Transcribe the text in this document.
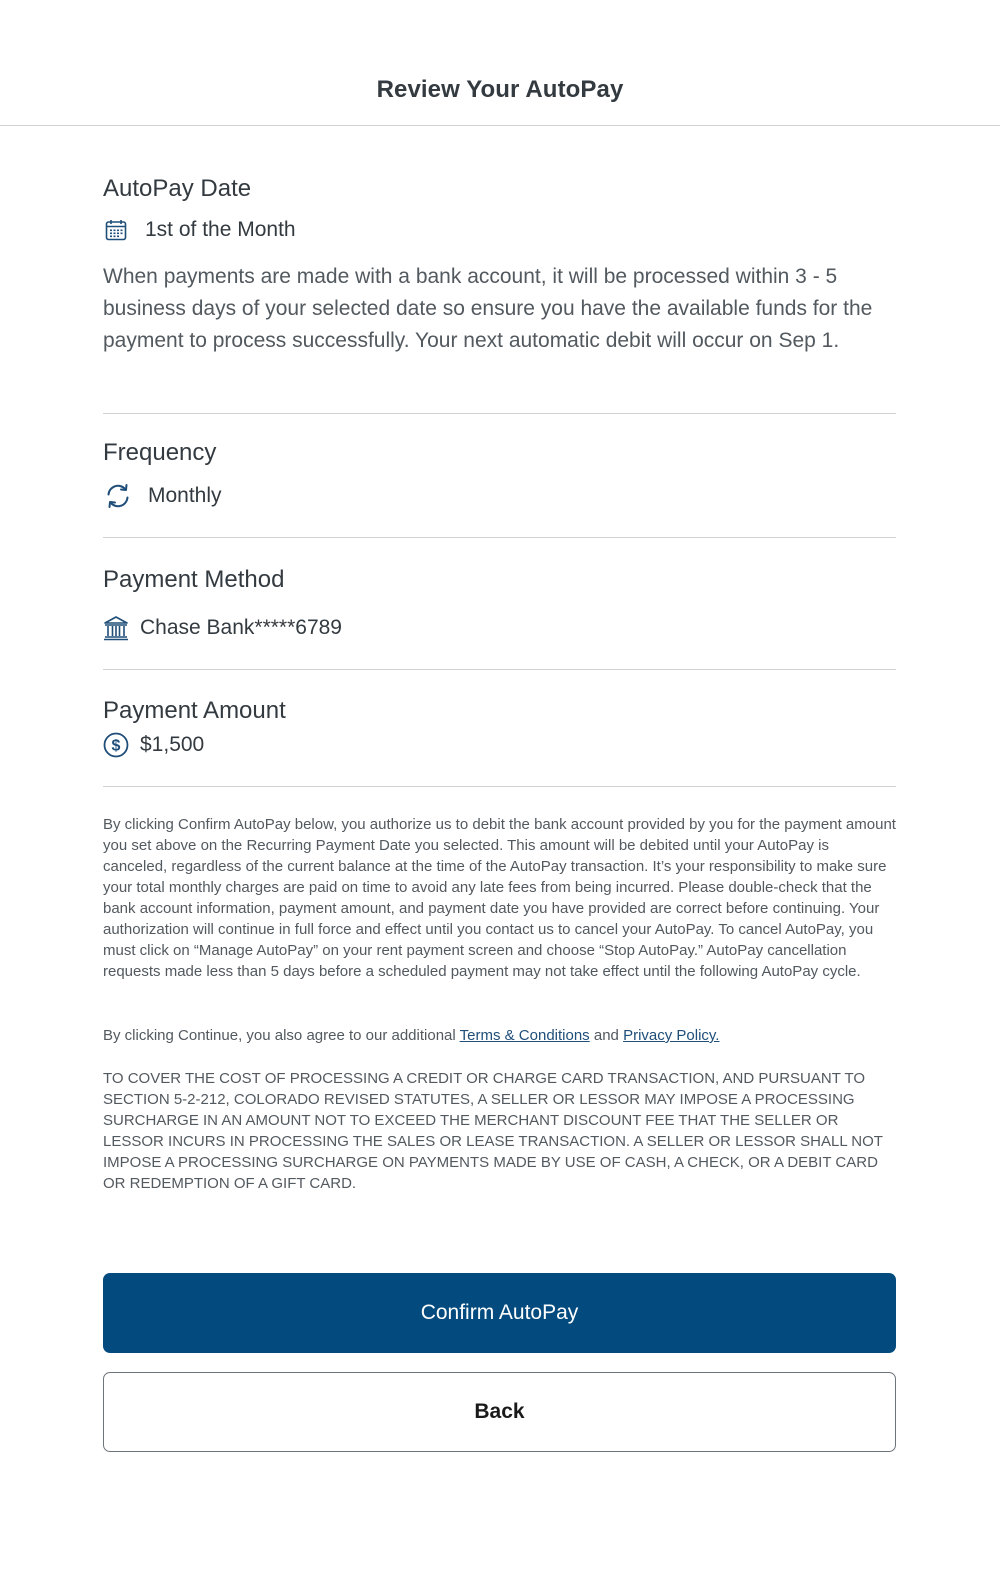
Review Your AutoPay
AutoPay Date
1st of the Month

When payments are made with a bank account, it will be processed within 3 - 5 business days of your selected date so ensure you have the available funds for the payment to process successfully. Your next automatic debit will occur on Sep 1.

Frequency
Monthly
Payment Method
Chase Bank*****6789
Payment Amount
$ $1,500

By clicking Confirm AutoPay below, you authorize us to debit the bank account provided by you for the payment amount you set above on the Recurring Payment Date you selected. This amount will be debited until your AutoPay is canceled, regardless of the current balance at the time of the AutoPay transaction. It’s your responsibility to make sure your total monthly charges are paid on time to avoid any late fees from being incurred. Please double-check that the bank account information, payment amount, and payment date you have provided are correct before continuing. Your authorization will continue in full force and effect until you contact us to cancel your AutoPay. To cancel AutoPay, you must click on “Manage AutoPay” on your rent payment screen and choose “Stop AutoPay.” AutoPay cancellation requests made less than 5 days before a scheduled payment may not take effect until the following AutoPay cycle.

By clicking Continue, you also agree to our additional Terms & Conditions and Privacy Policy.

TO COVER THE COST OF PROCESSING A CREDIT OR CHARGE CARD TRANSACTION, AND PURSUANT TO SECTION 5-2-212, COLORADO REVISED STATUTES, A SELLER OR LESSOR MAY IMPOSE A PROCESSING SURCHARGE IN AN AMOUNT NOT TO EXCEED THE MERCHANT DISCOUNT FEE THAT THE SELLER OR LESSOR INCURS IN PROCESSING THE SALES OR LEASE TRANSACTION. A SELLER OR LESSOR SHALL NOT IMPOSE A PROCESSING SURCHARGE ON PAYMENTS MADE BY USE OF CASH, A CHECK, OR A DEBIT CARD OR REDEMPTION OF A GIFT CARD.

Confirm AutoPay
Back
